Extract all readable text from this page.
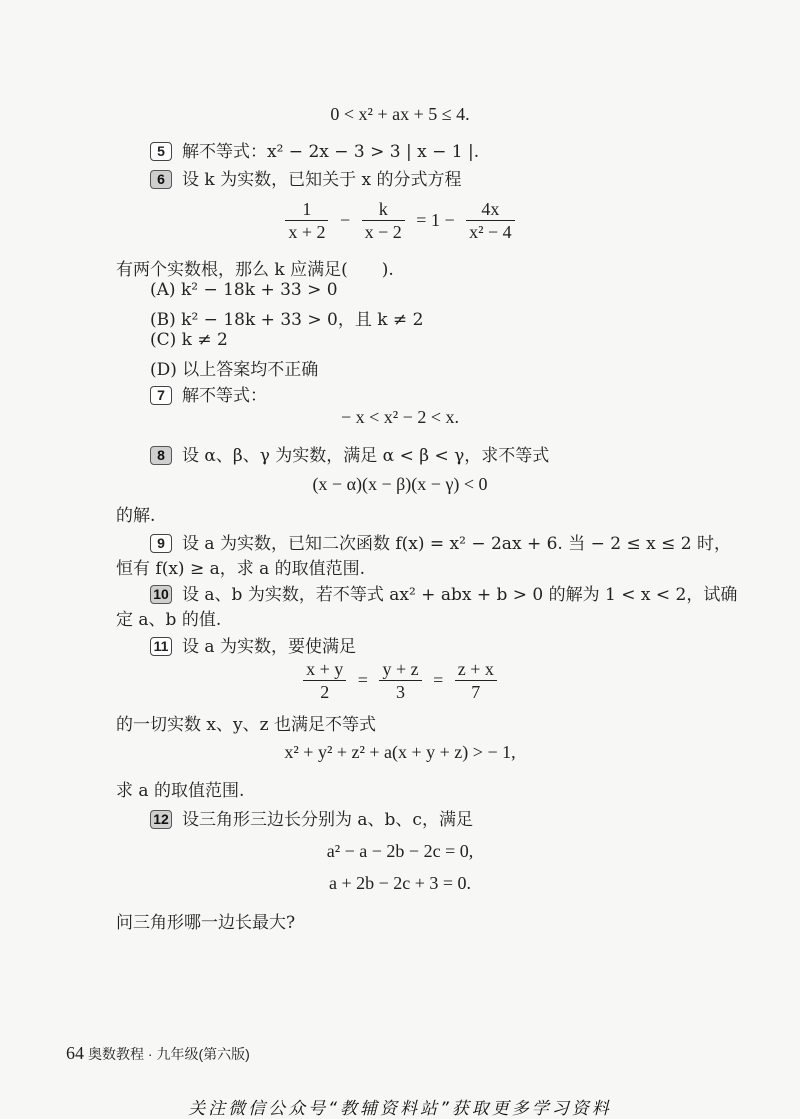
0 < x² + ax + 5 ≤ 4.
5 解不等式：x² − 2x − 3 > 3 | x − 1 |.
6 设 k 为实数，已知关于 x 的分式方程
$\frac{1}{x + 2} - \frac{k}{x - 2} = 1 - \frac{4x}{\text{x² − 4}}$
有两个实数根，那么 k 应满足(　　).
(A) k² − 18k + 33 > 0
(B) k² − 18k + 33 > 0，且 k ≠ 2
(C) k ≠ 2
(D) 以上答案均不正确
7 解不等式：
− x < x² − 2 < x.
8 设 α、β、γ 为实数，满足 α < β < γ，求不等式
(x − α)(x − β)(x − γ) < 0
的解.
9 设 a 为实数，已知二次函数 f(x) = x² − 2ax + 6. 当 − 2 ≤ x ≤ 2 时，
恒有 f(x) ≥ a，求 a 的取值范围.
10 设 a、b 为实数，若不等式 ax² + abx + b > 0 的解为 1 < x < 2，试确
定 a、b 的值.
11 设 a 为实数，要使满足
$\frac{x + y}{2} = \frac{y + z}{3} = \frac{z + x}{7}$
的一切实数 x、y、z 也满足不等式
x² + y² + z² + a(x + y + z) > − 1,
求 a 的取值范围.
12 设三角形三边长分别为 a、b、c，满足
a² − a − 2b − 2c = 0,
a + 2b − 2c + 3 = 0.
问三角形哪一边长最大?
64 奥数教程 · 九年级(第六版)
关注微信公众号“教辅资料站”获取更多学习资料
